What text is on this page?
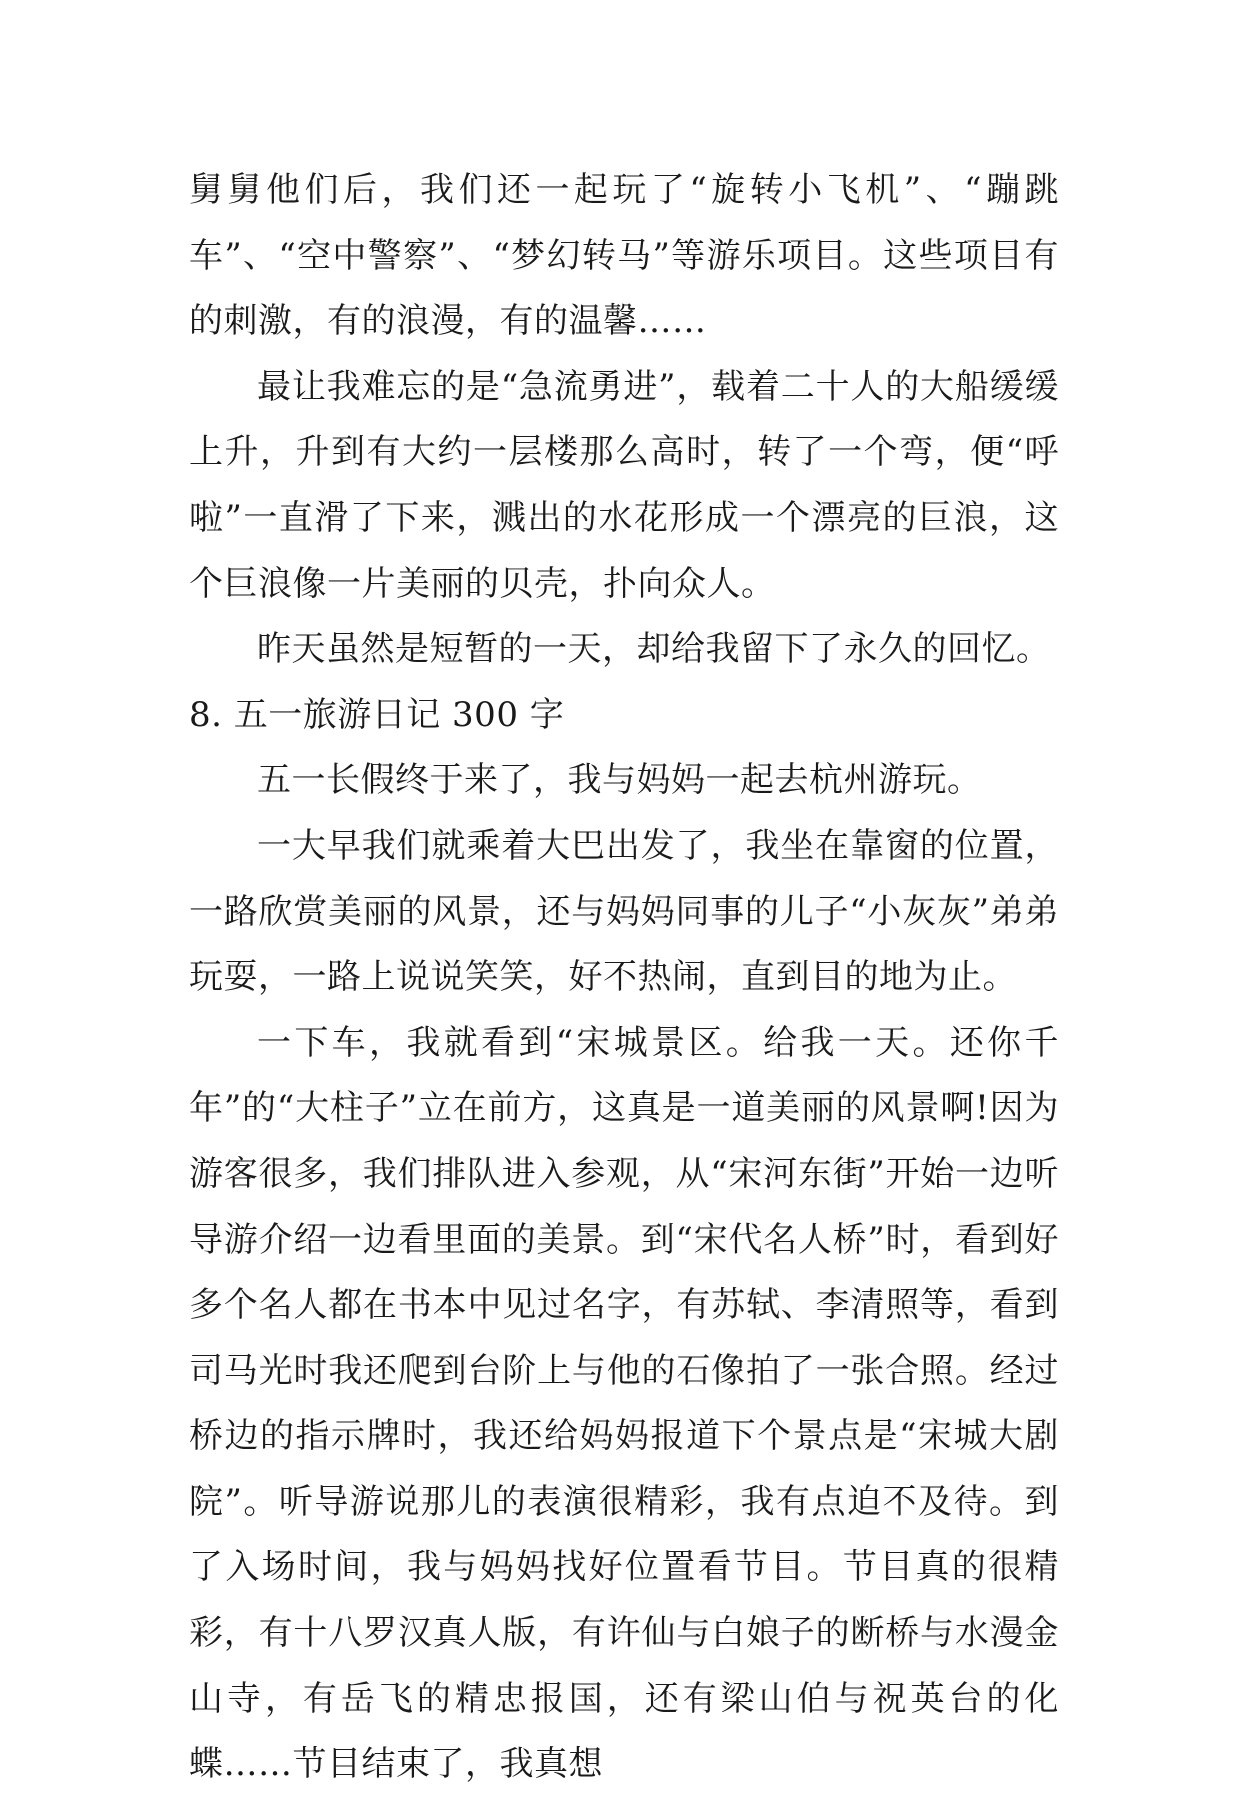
舅舅他们后，我们还一起玩了“旋转小飞机”、“蹦跳车”、“空中警察”、“梦幻转马”等游乐项目。这些项目有的刺激，有的浪漫，有的温馨……

最让我难忘的是“急流勇进”，载着二十人的大船缓缓上升，升到有大约一层楼那么高时，转了一个弯，便“呼啦”一直滑了下来，溅出的水花形成一个漂亮的巨浪，这个巨浪像一片美丽的贝壳，扑向众人。

昨天虽然是短暂的一天，却给我留下了永久的回忆。

8. 五一旅游日记 300 字

五一长假终于来了，我与妈妈一起去杭州游玩。

一大早我们就乘着大巴出发了，我坐在靠窗的位置，一路欣赏美丽的风景，还与妈妈同事的儿子“小灰灰”弟弟玩耍，一路上说说笑笑，好不热闹，直到目的地为止。

一下车，我就看到“宋城景区。给我一天。还你千年”的“大柱子”立在前方，这真是一道美丽的风景啊!因为游客很多，我们排队进入参观，从“宋河东街”开始一边听导游介绍一边看里面的美景。到“宋代名人桥”时，看到好多个名人都在书本中见过名字，有苏轼、李清照等，看到司马光时我还爬到台阶上与他的石像拍了一张合照。经过桥边的指示牌时，我还给妈妈报道下个景点是“宋城大剧院”。听导游说那儿的表演很精彩，我有点迫不及待。到了入场时间，我与妈妈找好位置看节目。节目真的很精彩，有十八罗汉真人版，有许仙与白娘子的断桥与水漫金山寺，有岳飞的精忠报国，还有梁山伯与祝英台的化蝶……节目结束了，我真想
